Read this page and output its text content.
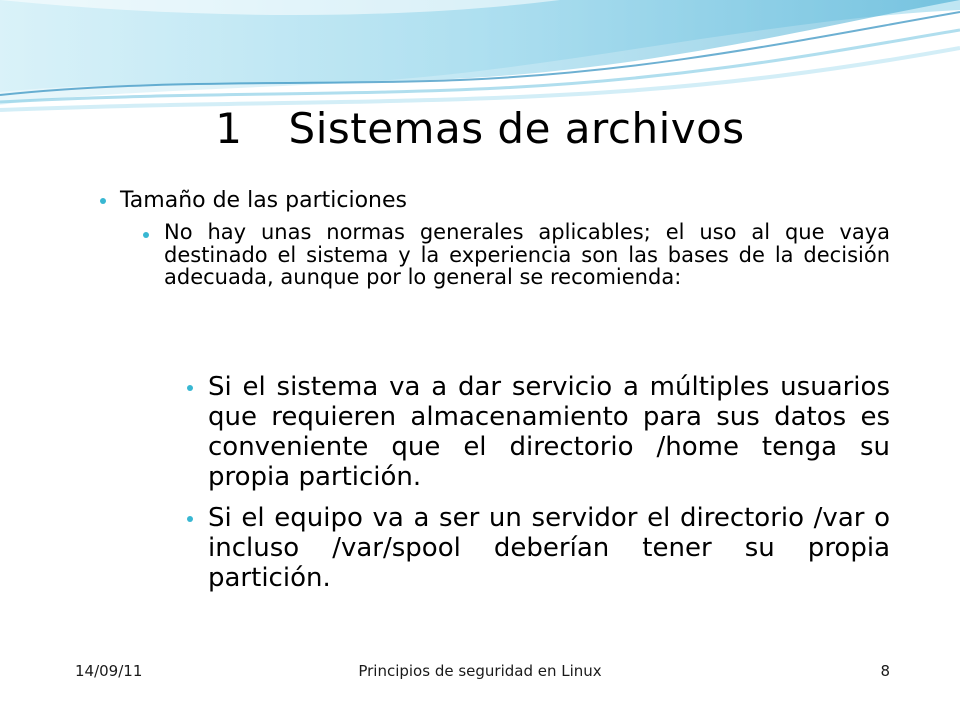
1 Sistemas de archivos
Tamaño de las particiones
No hay unas normas generales aplicables; el uso al que vaya destinado el sistema y la experiencia son las bases de la decisión adecuada, aunque por lo general se recomienda:
Si el sistema va a dar servicio a múltiples usuarios que requieren almacenamiento para sus datos es conveniente que el directorio /home tenga su propia partición.
Si el equipo va a ser un servidor el directorio /var o incluso /var/spool deberían tener su propia partición.
14/09/11	Principios de seguridad en Linux	8
